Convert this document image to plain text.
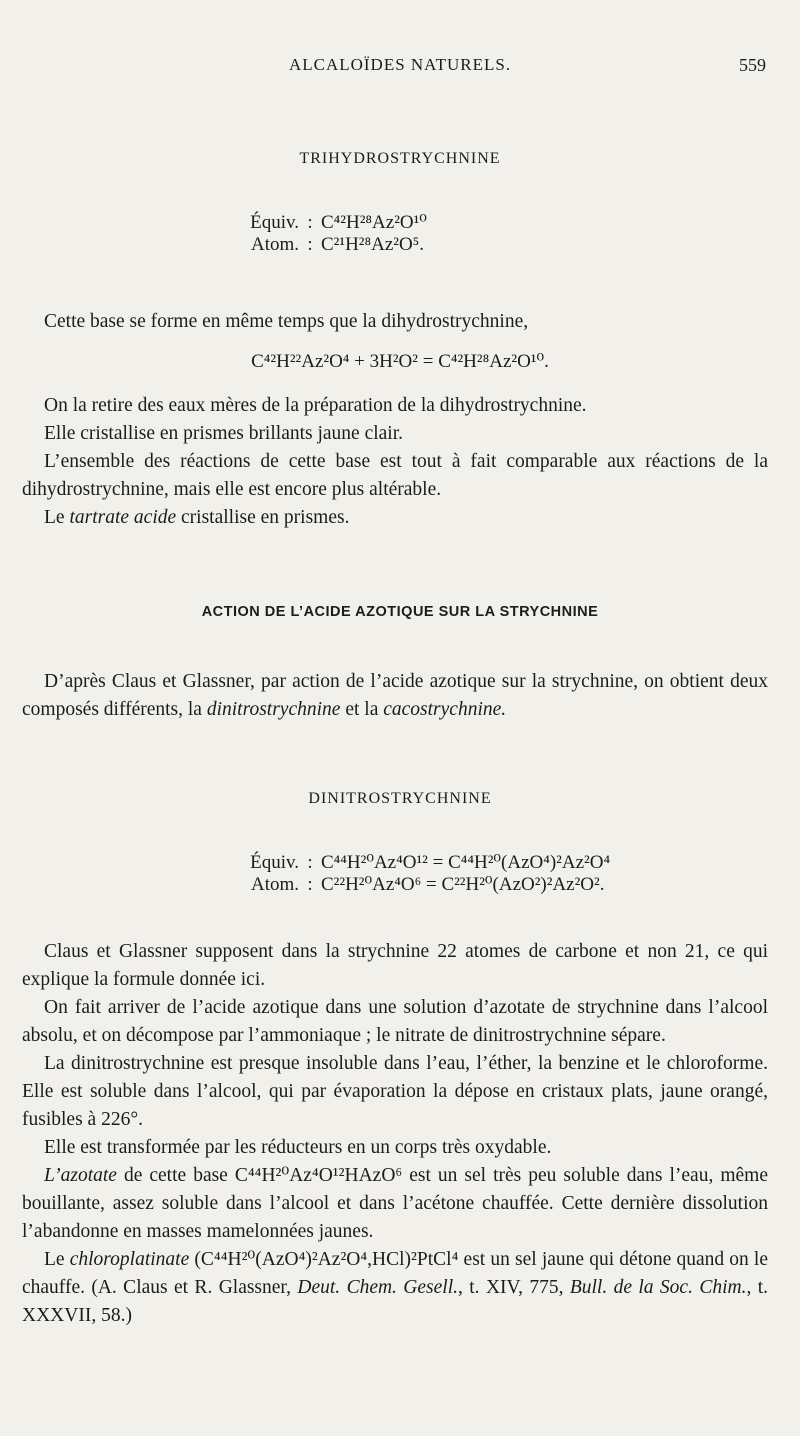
ALCALOÏDES NATURELS.	559
TRIHYDROSTRYCHNINE
Équiv. : C⁴²H²⁸Az²O¹⁰
Atom. : C²¹H²⁸Az²O⁵.

Cette base se forme en même temps que la dihydrostrychnine,

C⁴²H²²Az²O⁴ + 3H²O² = C⁴²H²⁸Az²O¹⁰.

On la retire des eaux mères de la préparation de la dihydrostrychnine.

Elle cristallise en prismes brillants jaune clair.

L’ensemble des réactions de cette base est tout à fait comparable aux réactions de la dihydrostrychnine, mais elle est encore plus altérable.

Le tartrate acide cristallise en prismes.

ACTION DE L’ACIDE AZOTIQUE SUR LA STRYCHNINE

D’après Claus et Glassner, par action de l’acide azotique sur la strychnine, on obtient deux composés différents, la dinitrostrychnine et la cacostrychnine.

DINITROSTRYCHNINE
Équiv. : C⁴⁴H²⁰Az⁴O¹² = C⁴⁴H²⁰(AzO⁴)²Az²O⁴
Atom. : C²²H²⁰Az⁴O⁶ = C²²H²⁰(AzO²)²Az²O².

Claus et Glassner supposent dans la strychnine 22 atomes de carbone et non 21, ce qui explique la formule donnée ici.

On fait arriver de l’acide azotique dans une solution d’azotate de strychnine dans l’alcool absolu, et on décompose par l’ammoniaque ; le nitrate de dinitrostrychnine sépare.

La dinitrostrychnine est presque insoluble dans l’eau, l’éther, la benzine et le chloroforme. Elle est soluble dans l’alcool, qui par évaporation la dépose en cristaux plats, jaune orangé, fusibles à 226°.

Elle est transformée par les réducteurs en un corps très oxydable.

L’azotate de cette base C⁴⁴H²⁰Az⁴O¹²HAzO⁶ est un sel très peu soluble dans l’eau, même bouillante, assez soluble dans l’alcool et dans l’acétone chauffée. Cette dernière dissolution l’abandonne en masses mamelonnées jaunes.

Le chloroplatinate (C⁴⁴H²⁰(AzO⁴)²Az²O⁴,HCl)²PtCl⁴ est un sel jaune qui détone quand on le chauffe. (A. Claus et R. Glassner, Deut. Chem. Gesell., t. XIV, 775, Bull. de la Soc. Chim., t. XXXVII, 58.)
